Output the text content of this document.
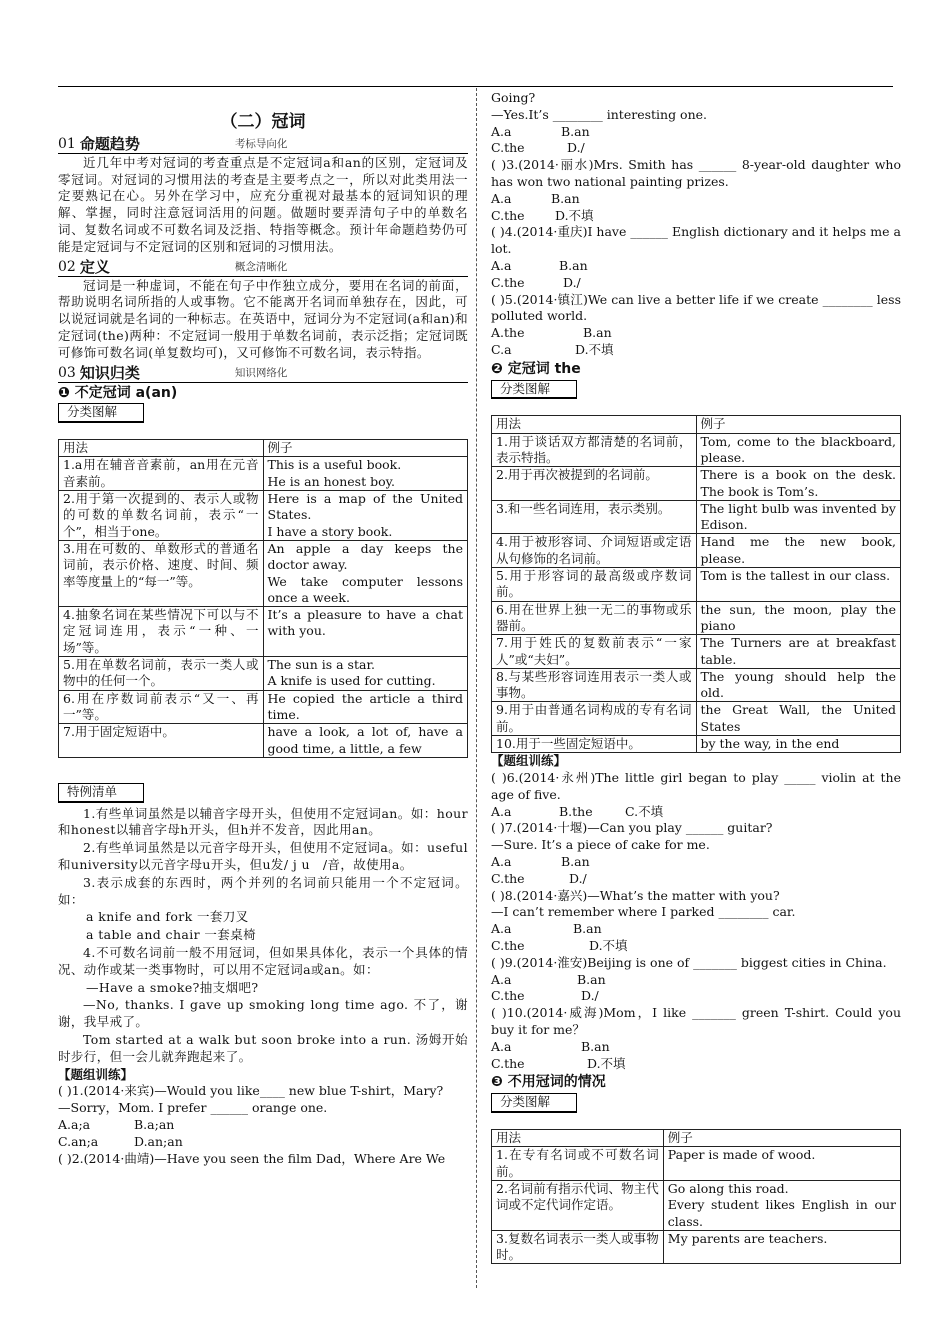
（二）冠词
01 命题趋势	考标导向化

近几年中考对冠词的考查重点是不定冠词a和an的区别，定冠词及零冠词。对冠词的习惯用法的考查是主要考点之一，所以对此类用法一定要熟记在心。另外在学习中，应充分重视对最基本的冠词知识的理解、掌握，同时注意冠词活用的问题。做题时要弄清句子中的单数名词、复数名词或不可数名词及泛指、特指等概念。预计年命题趋势仍可能是定冠词与不定冠词的区别和冠词的习惯用法。

02 定义	概念清晰化

冠词是一种虚词，不能在句子中作独立成分，要用在名词的前面，帮助说明名词所指的人或事物。它不能离开名词而单独存在，因此，可以说冠词就是名词的一种标志。在英语中，冠词分为不定冠词(a和an)和定冠词(the)两种：不定冠词一般用于单数名词前，表示泛指；定冠词既可修饰可数名词(单复数均可)，又可修饰不可数名词，表示特指。

03 知识归类	知识网络化
❶ 不定冠词 a(an)
分类图解
用法	例子
1.a用在辅音音素前，an用在元音音素前。	This is a useful book.
He is an honest boy.
2.用于第一次提到的、表示人或物的可数的单数名词前，表示“一个”，相当于one。	Here is a map of the United States.
I have a story book.
3.用在可数的、单数形式的普通名词前，表示价格、速度、时间、频率等度量上的“每一”等。	An apple a day keeps the doctor away.
We take computer lessons once a week.
4.抽象名词在某些情况下可以与不定冠词连用，表示“一种、一场”等。	It’s a pleasure to have a chat with you.
5.用在单数名词前，表示一类人或物中的任何一个。	The sun is a star.
A knife is used for cutting.
6.用在序数词前表示“又一、再一”等。	He copied the article a third time.
7.用于固定短语中。	have a look, a lot of, have a good time, a little, a few
特例清单

1.有些单词虽然是以辅音字母开头，但使用不定冠词an。如：hour和honest以辅音字母h开头，但h并不发音，因此用an。

2.有些单词虽然是以元音字母开头，但使用不定冠词a。如：useful和university以元音字母u开头，但u发/ j u　/音，故使用a。

3.表示成套的东西时，两个并列的名词前只能用一个不定冠词。如：

a knife and fork 一套刀叉

a table and chair 一套桌椅

4.不可数名词前一般不用冠词，但如果具体化，表示一个具体的情况、动作或某一类事物时，可以用不定冠词a或an。如：

—Have a smoke?抽支烟吧?

—No, thanks. I gave up smoking long time ago. 不了，谢谢，我早戒了。

Tom started at a walk but soon broke into a run. 汤姆开始时步行，但一会儿就奔跑起来了。

【题组训练】
( )1.(2014·来宾)—Would you like____ new blue T-shirt，Mary?
—Sorry，Mom. I prefer ______ orange one.
A.a;a	B.a;an
C.an;a	D.an;an
( )2.(2014·曲靖)—Have you seen the film Dad，Where Are We
Going?
—Yes.It’s ________ interesting one.
A.a	B.an
C.the	D./
( )3.(2014·丽水)Mrs. Smith has ______ 8-year-old daughter who has won two national painting prizes.
A.a	B.an
C.the	D.不填
( )4.(2014·重庆)I have ______ English dictionary and it helps me a lot.
A.a	B.an
C.the	D./
( )5.(2014·镇江)We can live a better life if we create ________ less polluted world.
A.the	B.an
C.a	D.不填
❷ 定冠词 the
分类图解
用法	例子
1.用于谈话双方都清楚的名词前，表示特指。	Tom, come to the blackboard, please.
2.用于再次被提到的名词前。	There is a book on the desk. The book is Tom’s.
3.和一些名词连用，表示类别。	The light bulb was invented by Edison.
4.用于被形容词、介词短语或定语从句修饰的名词前。	Hand me the new book, please.
5.用于形容词的最高级或序数词前。	Tom is the tallest in our class.
6.用在世界上独一无二的事物或乐器前。	the sun, the moon, play the piano
7.用于姓氏的复数前表示“一家人”或“夫妇”。	The Turners are at breakfast table.
8.与某些形容词连用表示一类人或事物。	The young should help the old.
9.用于由普通名词构成的专有名词前。	the Great Wall, the United States
10.用于一些固定短语中。	by the way, in the end
【题组训练】
( )6.(2014·永州)The little girl began to play _____ violin at the age of five.
A.a	B.the	C.不填
( )7.(2014·十堰)—Can you play ______ guitar?
—Sure. It’s a piece of cake for me.
A.a	B.an
C.the	D./
( )8.(2014·嘉兴)—What’s the matter with you?
—I can’t remember where I parked ________ car.
A.a	B.an
C.the	D.不填
( )9.(2014·淮安)Beijing is one of _______ biggest cities in China.
A.a	B.an
C.the	D./
( )10.(2014·威海)Mom，I like _______ green T-shirt. Could you buy it for me？
A.a	B.an
C.the	D.不填
❸ 不用冠词的情况
分类图解
用法	例子
1.在专有名词或不可数名词前。	Paper is made of wood.
2.名词前有指示代词、物主代词或不定代词作定语。	Go along this road.
Every student likes English in our class.
3.复数名词表示一类人或事物时。	My parents are teachers.
